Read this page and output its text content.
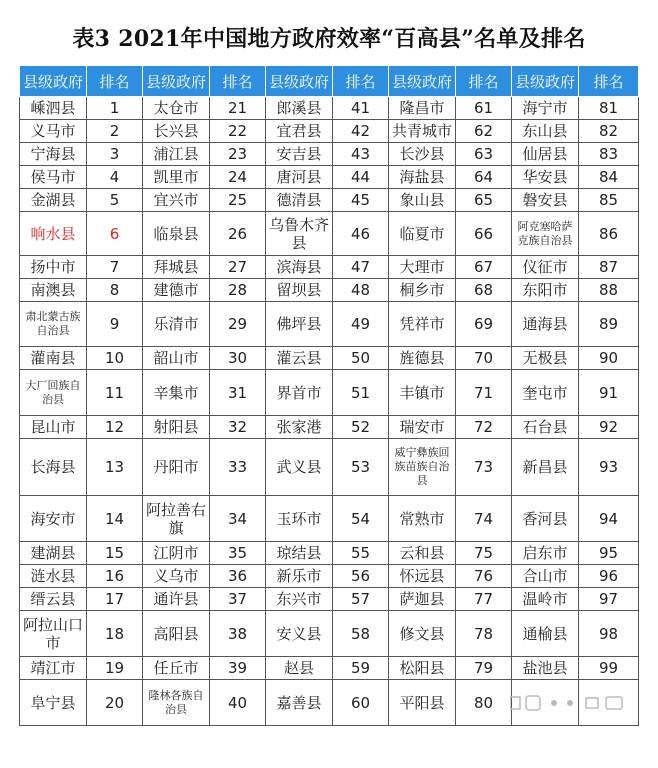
表3 2021年中国地方政府效率“百高县”名单及排名
县级政府	排名	县级政府	排名	县级政府	排名	县级政府	排名	县级政府	排名
嵊泗县	1	太仓市	21	郎溪县	41	隆昌市	61	海宁市	81
义马市	2	长兴县	22	宜君县	42	共青城市	62	东山县	82
宁海县	3	浦江县	23	安吉县	43	长沙县	63	仙居县	83
侯马市	4	凯里市	24	唐河县	44	海盐县	64	华安县	84
金湖县	5	宜兴市	25	德清县	45	象山县	65	磐安县	85
响水县	6	临泉县	26	乌鲁木齐县	46	临夏市	66	阿克塞哈萨克族自治县	86
扬中市	7	拜城县	27	滨海县	47	大理市	67	仪征市	87
南澳县	8	建德市	28	留坝县	48	桐乡市	68	东阳市	88
肃北蒙古族自治县	9	乐清市	29	佛坪县	49	凭祥市	69	通海县	89
灌南县	10	韶山市	30	灌云县	50	旌德县	70	无极县	90
大厂回族自治县	11	辛集市	31	界首市	51	丰镇市	71	奎屯市	91
昆山市	12	射阳县	32	张家港	52	瑞安市	72	石台县	92
长海县	13	丹阳市	33	武义县	53	威宁彝族回族苗族自治县	73	新昌县	93
海安市	14	阿拉善右旗	34	玉环市	54	常熟市	74	香河县	94
建湖县	15	江阴市	35	琼结县	55	云和县	75	启东市	95
涟水县	16	义乌市	36	新乐市	56	怀远县	76	合山市	96
缙云县	17	通许县	37	东兴市	57	萨迦县	77	温岭市	97
阿拉山口市	18	高阳县	38	安义县	58	修文县	78	通榆县	98
靖江市	19	任丘市	39	赵县	59	松阳县	79	盐池县	99
阜宁县	20	隆林各族自治县	40	嘉善县	60	平阳县	80		
